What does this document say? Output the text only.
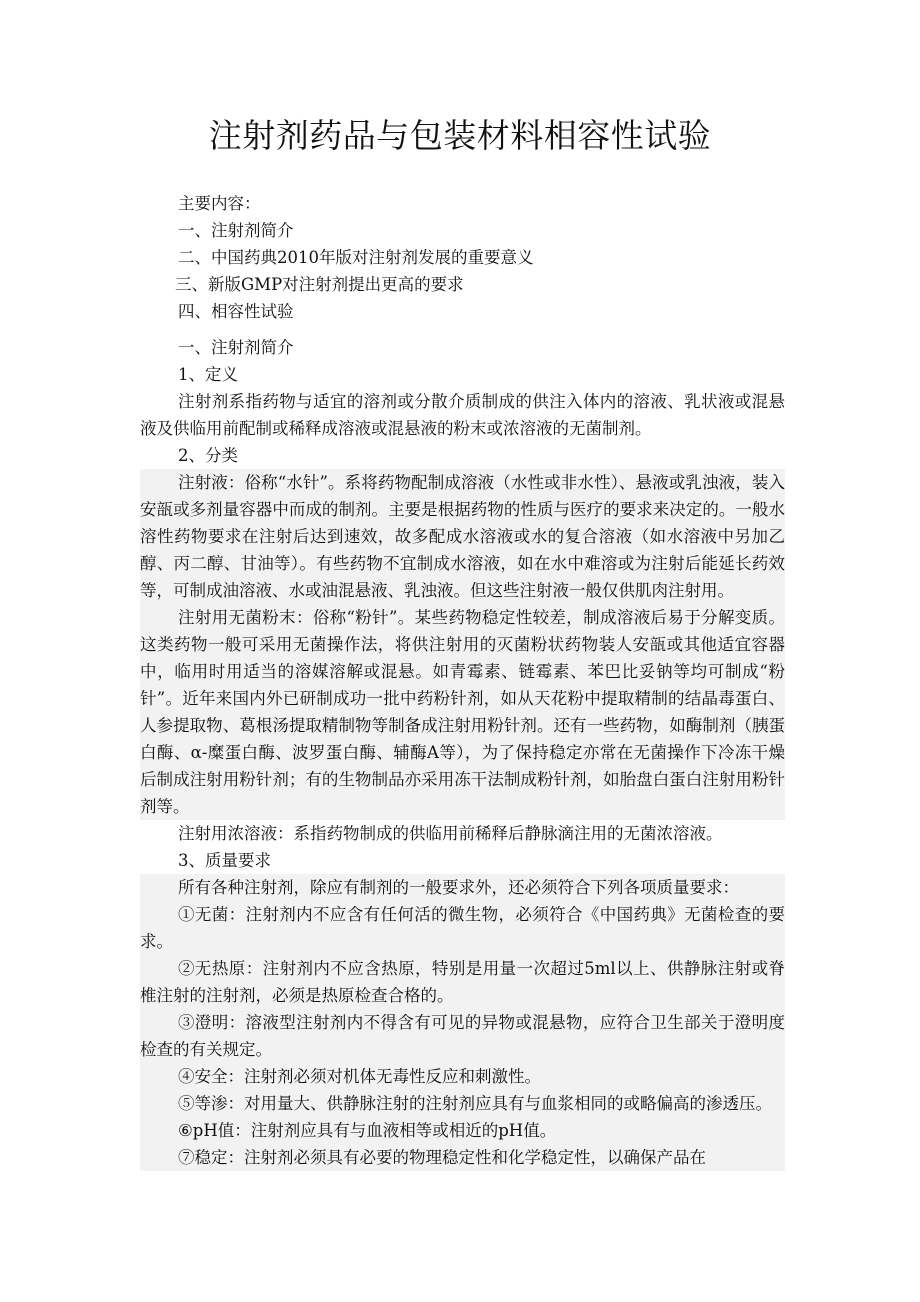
注射剂药品与包装材料相容性试验
主要内容：
一、注射剂简介
二、中国药典2010年版对注射剂发展的重要意义
三、新版GMP对注射剂提出更高的要求
四、相容性试验
一、注射剂简介
1、定义
注射剂系指药物与适宜的溶剂或分散介质制成的供注入体内的溶液、乳状液或混悬液及供临用前配制或稀释成溶液或混悬液的粉末或浓溶液的无菌制剂。
2、分类
注射液：俗称“水针”。系将药物配制成溶液（水性或非水性）、悬液或乳浊液，装入安瓿或多剂量容器中而成的制剂。主要是根据药物的性质与医疗的要求来决定的。一般水溶性药物要求在注射后达到速效，故多配成水溶液或水的复合溶液（如水溶液中另加乙醇、丙二醇、甘油等）。有些药物不宜制成水溶液，如在水中难溶或为注射后能延长药效等，可制成油溶液、水或油混悬液、乳浊液。但这些注射液一般仅供肌肉注射用。
注射用无菌粉末：俗称“粉针”。某些药物稳定性较差，制成溶液后易于分解变质。这类药物一般可采用无菌操作法，将供注射用的灭菌粉状药物装人安瓿或其他适宜容器中，临用时用适当的溶媒溶解或混悬。如青霉素、链霉素、苯巴比妥钠等均可制成“粉针”。近年来国内外已研制成功一批中药粉针剂，如从天花粉中提取精制的结晶毒蛋白、人参提取物、葛根汤提取精制物等制备成注射用粉针剂。还有一些药物，如酶制剂（胰蛋白酶、α-糜蛋白酶、波罗蛋白酶、辅酶A等），为了保持稳定亦常在无菌操作下冷冻干燥后制成注射用粉针剂；有的生物制品亦采用冻干法制成粉针剂，如胎盘白蛋白注射用粉针剂等。
注射用浓溶液：系指药物制成的供临用前稀释后静脉滴注用的无菌浓溶液。
3、质量要求
所有各种注射剂，除应有制剂的一般要求外，还必须符合下列各项质量要求：
①无菌：注射剂内不应含有任何活的微生物，必须符合《中国药典》无菌检查的要求。
②无热原：注射剂内不应含热原，特别是用量一次超过5ml以上、供静脉注射或脊椎注射的注射剂，必须是热原检查合格的。
③澄明：溶液型注射剂内不得含有可见的异物或混悬物，应符合卫生部关于澄明度检查的有关规定。
④安全：注射剂必须对机体无毒性反应和刺激性。
⑤等渗：对用量大、供静脉注射的注射剂应具有与血浆相同的或略偏高的渗透压。
⑥pH值：注射剂应具有与血液相等或相近的pH值。
⑦稳定：注射剂必须具有必要的物理稳定性和化学稳定性，以确保产品在
